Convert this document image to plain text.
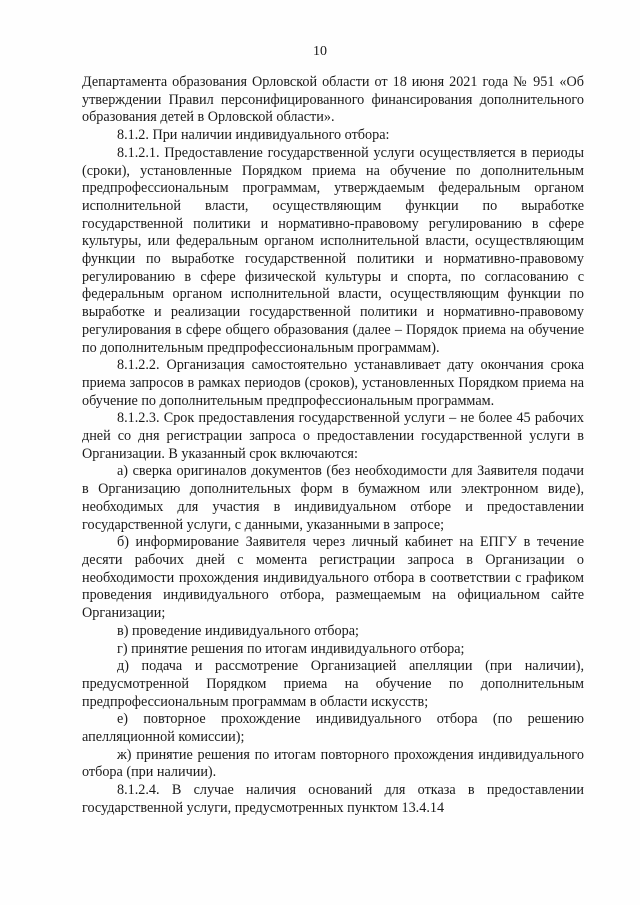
10

Департамента образования Орловской области от 18 июня 2021 года № 951 «Об утверждении Правил персонифицированного финансирования дополнительного образования детей в Орловской области».

8.1.2. При наличии индивидуального отбора:

8.1.2.1. Предоставление государственной услуги осуществляется в периоды (сроки), установленные Порядком приема на обучение по дополнительным предпрофессиональным программам, утверждаемым федеральным органом исполнительной власти, осуществляющим функции по выработке государственной политики и нормативно-правовому регулированию в сфере культуры, или федеральным органом исполнительной власти, осуществляющим функции по выработке государственной политики и нормативно-правовому регулированию в сфере физической культуры и спорта, по согласованию с федеральным органом исполнительной власти, осуществляющим функции по выработке и реализации государственной политики и нормативно-правовому регулирования в сфере общего образования (далее – Порядок приема на обучение по дополнительным предпрофессиональным программам).

8.1.2.2. Организация самостоятельно устанавливает дату окончания срока приема запросов в рамках периодов (сроков), установленных Порядком приема на обучение по дополнительным предпрофессиональным программам.

8.1.2.3. Срок предоставления государственной услуги – не более 45 рабочих дней со дня регистрации запроса о предоставлении государственной услуги в Организации. В указанный срок включаются:

а) сверка оригиналов документов (без необходимости для Заявителя подачи в Организацию дополнительных форм в бумажном или электронном виде), необходимых для участия в индивидуальном отборе и предоставлении государственной услуги, с данными, указанными в запросе;

б) информирование Заявителя через личный кабинет на ЕПГУ в течение десяти рабочих дней с момента регистрации запроса в Организации о необходимости прохождения индивидуального отбора в соответствии с графиком проведения индивидуального отбора, размещаемым на официальном сайте Организации;

в) проведение индивидуального отбора;

г) принятие решения по итогам индивидуального отбора;

д) подача и рассмотрение Организацией апелляции (при наличии), предусмотренной Порядком приема на обучение по дополнительным предпрофессиональным программам в области искусств;

е) повторное прохождение индивидуального отбора (по решению апелляционной комиссии);

ж) принятие решения по итогам повторного прохождения индивидуального отбора (при наличии).

8.1.2.4. В случае наличия оснований для отказа в предоставлении государственной услуги, предусмотренных пунктом 13.4.14
